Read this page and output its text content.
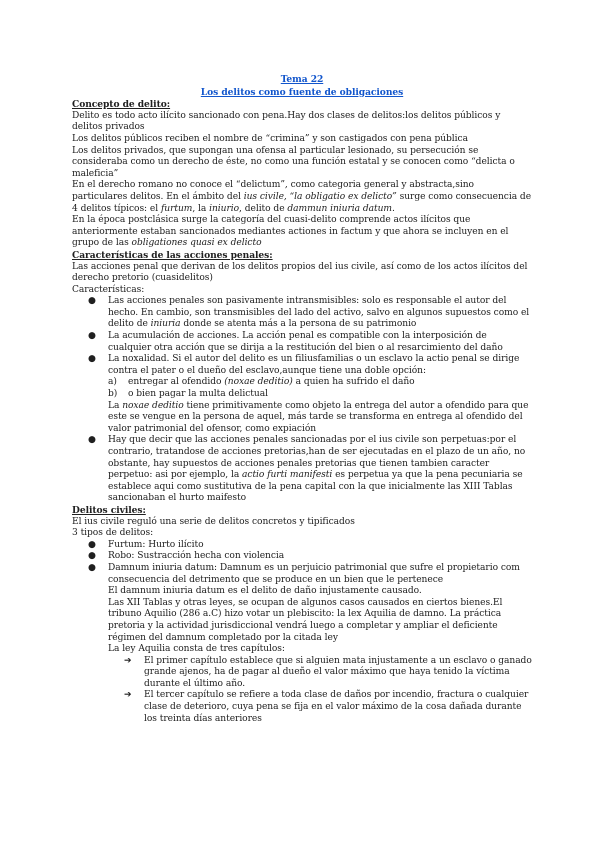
Tema 22

Los delitos como fuente de obligaciones

Concepto de delito:

Delito es todo acto ilícito sancionado con pena.Hay dos clases de delitos:los delitos públicos y delitos privados

Los delitos públicos reciben el nombre de “crimina” y son castigados con pena pública

Los delitos privados, que supongan una ofensa al particular lesionado, su persecución se consideraba como un derecho de éste, no como una función estatal y se conocen como “delicta o maleficia”

En el derecho romano no conoce el “delictum”, como categoria general y abstracta,sino particulares delitos. En el ámbito del ius civile, “la obligatio ex delicto” surge como consecuencia de 4 delitos típicos: el furtum, la iniurio, delito de dammun iniuria datum.

En la época postclásica surge la categoría del cuasi-delito comprende actos ilícitos que anteriormente estaban sancionados mediantes actiones in factum y que ahora se incluyen en el grupo de las obligationes quasi ex delicto

Características de las acciones penales:

Las acciones penal que derivan de los delitos propios del ius civile, así como de los actos ilícitos del derecho pretorio (cuasidelitos)

Características:

● Las acciones penales son pasivamente intransmisibles: solo es responsable el autor del hecho. En cambio, son transmisibles del lado del activo, salvo en algunos supuestos como el delito de iniuria donde se atenta más a la persona de su patrimonio
● La acumulación de acciones. La acción penal es compatible con la interposición de cualquier otra acción que se dirija a la restitución del bien o al resarcimiento del daño
● La noxalidad. Si el autor del delito es un filiusfamilias o un esclavo la actio penal se dirige contra el pater o el dueño del esclavo,aunque tiene una doble opción:
a) entregar al ofendido (noxae deditio) a quien ha sufrido el daño
b) o bien pagar la multa delictual

La noxae deditio tiene primitivamente como objeto la entrega del autor a ofendido para que este se vengue en la persona de aquel, más tarde se transforma en entrega al ofendido del valor patrimonial del ofensor, como expiación

● Hay que decir que las acciones penales sancionadas por el ius civile son perpetuas:por el contrario, tratandose de acciones pretorias,han de ser ejecutadas en el plazo de un año, no obstante, hay supuestos de acciones penales pretorias que tienen tambien caracter perpetuo: asi por ejemplo, la actio furti manifesti es perpetua ya que la pena pecuniaria se establece aqui como sustitutiva de la pena capital con la que inicialmente las XIII Tablas sancionaban el hurto maifesto

Delitos civiles:

El ius civile reguló una serie de delitos concretos y tipificados

3 tipos de delitos:

● Furtum: Hurto ilícito
● Robo: Sustracción hecha con violencia
● Damnum iniuria datum: Damnum es un perjuicio patrimonial que sufre el propietario com consecuencia del detrimento que se produce en un bien que le pertenece

El damnum iniuria datum es el delito de daño injustamente causado.

Las XII Tablas y otras leyes, se ocupan de algunos casos causados en ciertos bienes.El tribuno Aquilio (286 a.C) hizo votar un plebiscito: la lex Aquilia de damno. La práctica pretoria y la actividad jurisdiccional vendrá luego a completar y ampliar el deficiente régimen del damnum completado por la citada ley

La ley Aquilia consta de tres capítulos:

➔ El primer capítulo establece que si alguien mata injustamente a un esclavo o ganado grande ajenos, ha de pagar al dueño el valor máximo que haya tenido la víctima durante el último año.
➔ El tercer capítulo se refiere a toda clase de daños por incendio, fractura o cualquier clase de deterioro, cuya pena se fija en el valor máximo de la cosa dañada durante los treinta días anteriores
